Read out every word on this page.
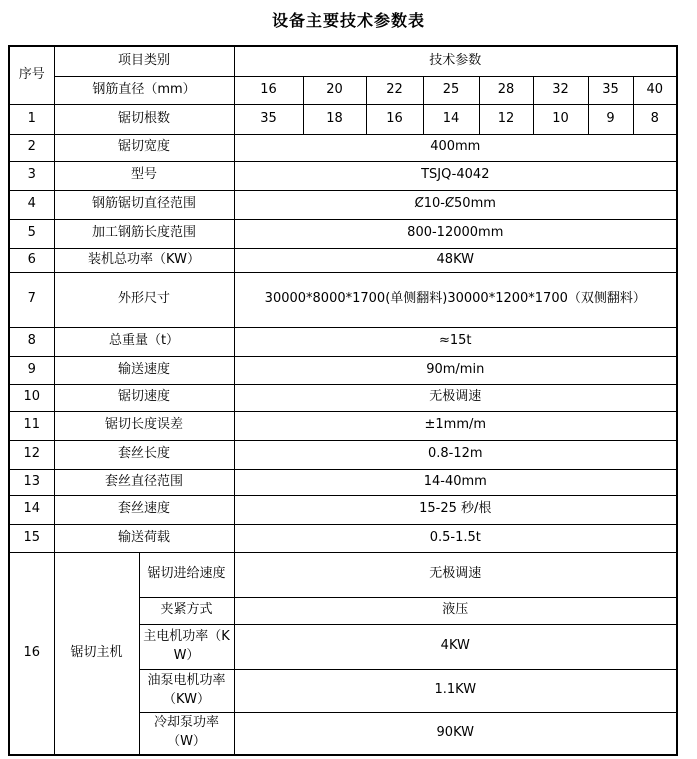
设备主要技术参数表
序号	项目类别		技术参数							
	钢筋直径（mm）		16	20	22	25	28	32	35	40
1	锯切根数		35	18	16	14	12	10	9	8
2	锯切宽度		400mm							
3	型号		TSJQ-4042							
4	钢筋锯切直径范围		Ȼ10-Ȼ50mm							
5	加工钢筋长度范围		800-12000mm							
6	装机总功率（KW）		48KW							
7	外形尺寸		30000*8000*1700(单侧翻料)30000*1200*1700（双侧翻料）							
8	总重量（t）		≈15t							
9	输送速度		90m/min							
10	锯切速度		无极调速							
11	锯切长度误差		±1mm/m							
12	套丝长度		0.8-12m							
13	套丝直径范围		14-40mm							
14	套丝速度		15-25 秒/根							
15	输送荷载		0.5-1.5t							
16	锯切主机	锯切进给速度	无极调速							
		夹紧方式	液压							
		主电机功率（KW）	4KW							
		油泵电机功率（KW）	1.1KW							
		冷却泵功率（W）	90KW							
